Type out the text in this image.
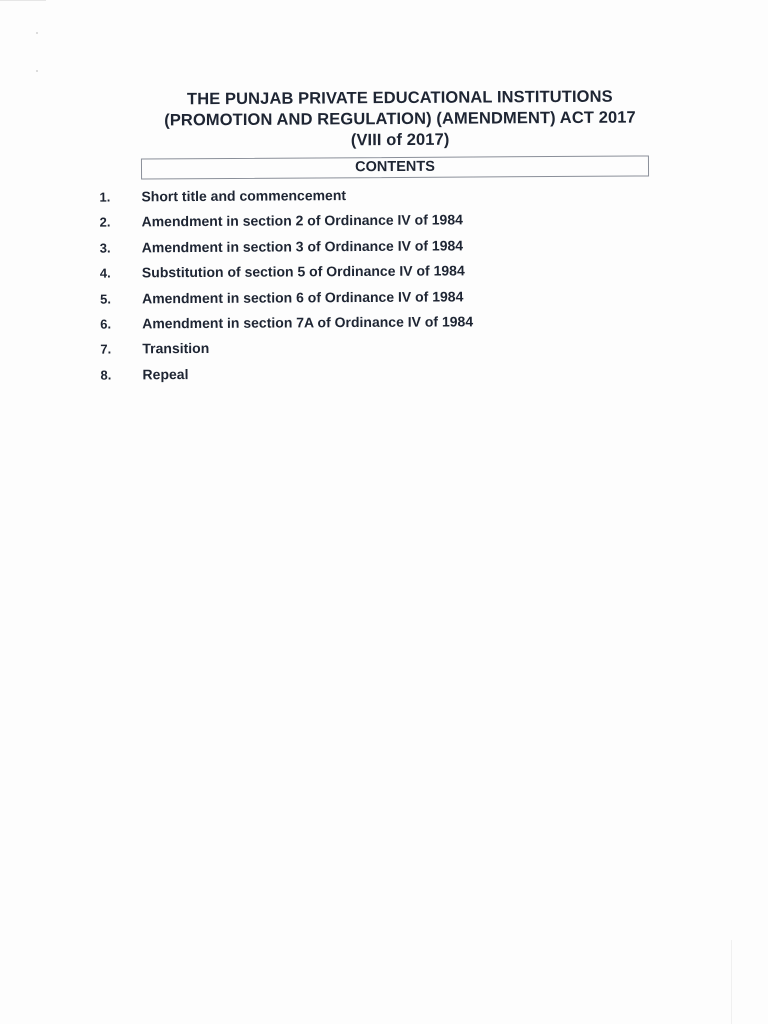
THE PUNJAB PRIVATE EDUCATIONAL INSTITUTIONS
(PROMOTION AND REGULATION) (AMENDMENT) ACT 2017
(VIII of 2017)
CONTENTS
1.	Short title and commencement
2.	Amendment in section 2 of Ordinance IV of 1984
3.	Amendment in section 3 of Ordinance IV of 1984
4.	Substitution of section 5 of Ordinance IV of 1984
5.	Amendment in section 6 of Ordinance IV of 1984
6.	Amendment in section 7A of Ordinance IV of 1984
7.	Transition
8.	Repeal
